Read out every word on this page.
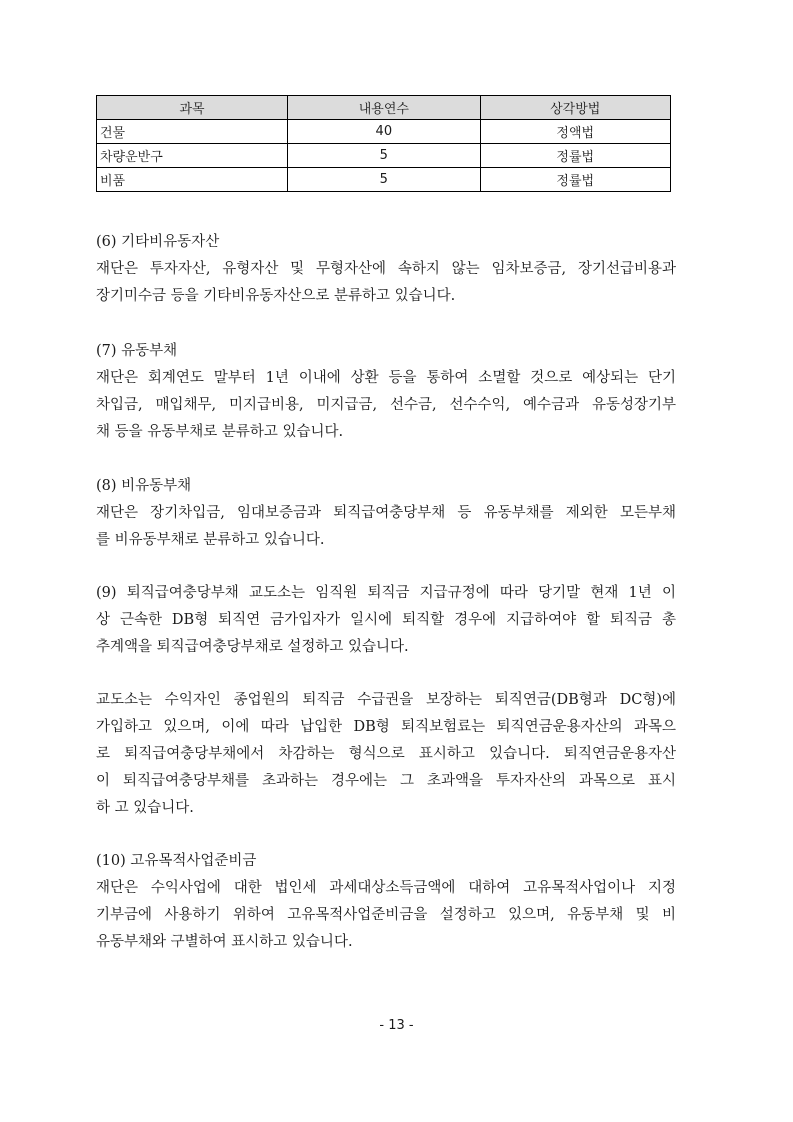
과목	내용연수	상각방법
건물	40	정액법
차량운반구	5	정률법
비품	5	정률법
(6) 기타비유동자산
재단은 투자자산, 유형자산 및 무형자산에 속하지 않는 임차보증금, 장기선급비용과
장기미수금 등을 기타비유동자산으로 분류하고 있습니다.
(7) 유동부채
재단은 회계연도 말부터 1년 이내에 상환 등을 통하여 소멸할 것으로 예상되는 단기
차입금, 매입채무, 미지급비용, 미지급금, 선수금, 선수수익, 예수금과 유동성장기부
채 등을 유동부채로 분류하고 있습니다.
(8) 비유동부채
재단은 장기차입금, 임대보증금과 퇴직급여충당부채 등 유동부채를 제외한 모든부채
를 비유동부채로 분류하고 있습니다.
(9) 퇴직급여충당부채 교도소는 임직원 퇴직금 지급규정에 따라 당기말 현재 1년 이
상 근속한 DB형 퇴직연 금가입자가 일시에 퇴직할 경우에 지급하여야 할 퇴직금 총
추계액을 퇴직급여충당부채로 설정하고 있습니다.
교도소는 수익자인 종업원의 퇴직금 수급권을 보장하는 퇴직연금(DB형과 DC형)에
가입하고 있으며, 이에 따라 납입한 DB형 퇴직보험료는 퇴직연금운용자산의 과목으
로 퇴직급여충당부채에서 차감하는 형식으로 표시하고 있습니다. 퇴직연금운용자산
이 퇴직급여충당부채를 초과하는 경우에는 그 초과액을 투자자산의 과목으로 표시
하 고 있습니다.
(10) 고유목적사업준비금
재단은 수익사업에 대한 법인세 과세대상소득금액에 대하여 고유목적사업이나 지정
기부금에 사용하기 위하여 고유목적사업준비금을 설정하고 있으며, 유동부채 및 비
유동부채와 구별하여 표시하고 있습니다.
- 13 -
